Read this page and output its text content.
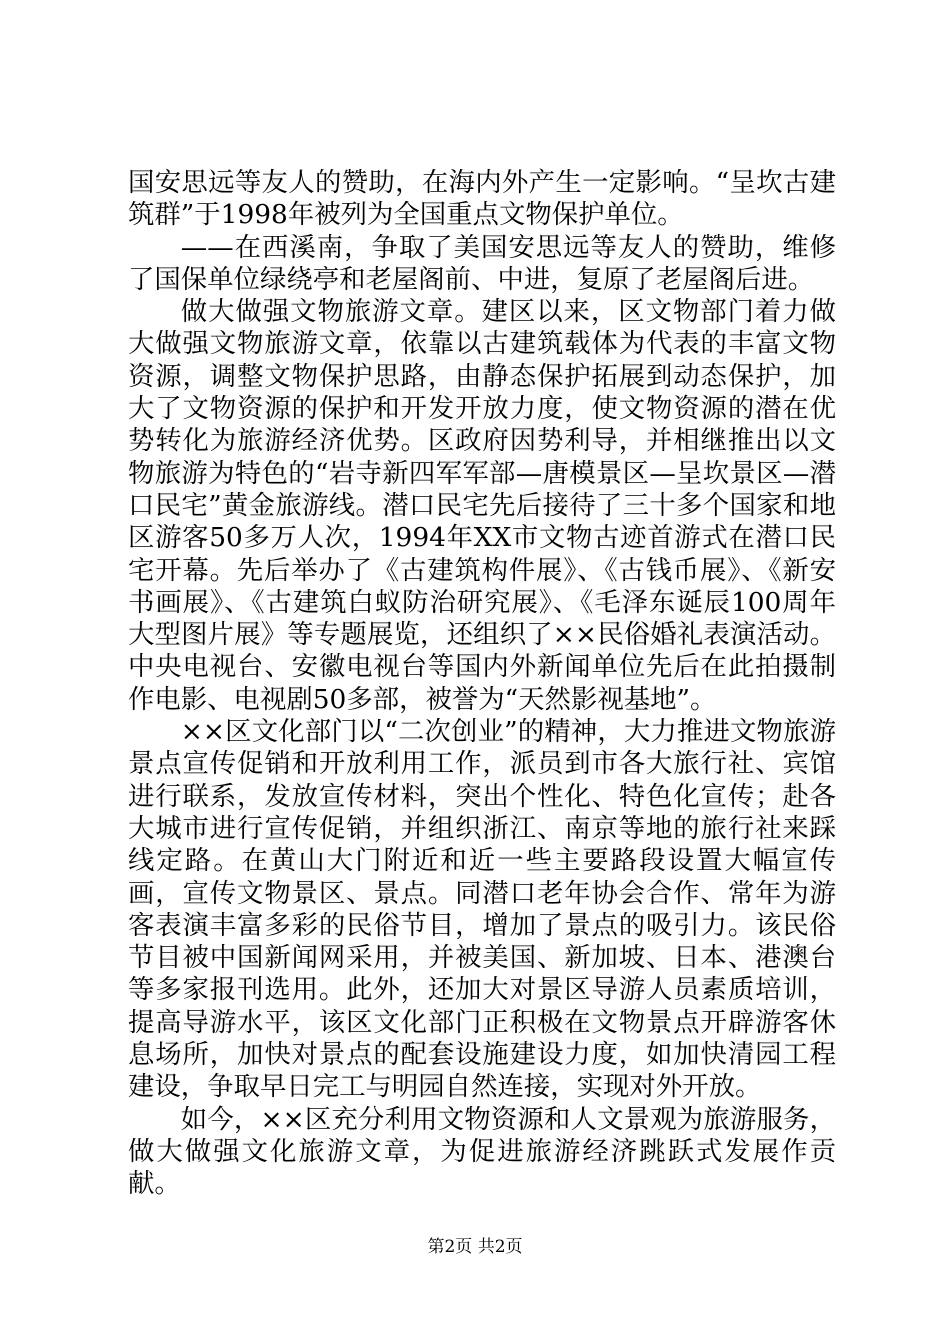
国安思远等友人的赞助，在海内外产生一定影响。“呈坎古建筑群”于1998年被列为全国重点文物保护单位。

——在西溪南，争取了美国安思远等友人的赞助，维修了国保单位绿绕亭和老屋阁前、中进，复原了老屋阁后进。

做大做强文物旅游文章。建区以来，区文物部门着力做大做强文物旅游文章，依靠以古建筑载体为代表的丰富文物资源，调整文物保护思路，由静态保护拓展到动态保护，加大了文物资源的保护和开发开放力度，使文物资源的潜在优势转化为旅游经济优势。区政府因势利导，并相继推出以文物旅游为特色的“岩寺新四军军部—唐模景区—呈坎景区—潜口民宅”黄金旅游线。潜口民宅先后接待了三十多个国家和地区游客50多万人次，1994年XX市文物古迹首游式在潜口民宅开幕。先后举办了《古建筑构件展》、《古钱币展》、《新安书画展》、《古建筑白蚁防治研究展》、《毛泽东诞辰100周年大型图片展》等专题展览，还组织了××民俗婚礼表演活动。中央电视台、安徽电视台等国内外新闻单位先后在此拍摄制作电影、电视剧50多部，被誉为“天然影视基地”。

××区文化部门以“二次创业”的精神，大力推进文物旅游景点宣传促销和开放利用工作，派员到市各大旅行社、宾馆进行联系，发放宣传材料，突出个性化、特色化宣传；赴各大城市进行宣传促销，并组织浙江、南京等地的旅行社来踩线定路。在黄山大门附近和近一些主要路段设置大幅宣传画，宣传文物景区、景点。同潜口老年协会合作、常年为游客表演丰富多彩的民俗节目，增加了景点的吸引力。该民俗节目被中国新闻网采用，并被美国、新加坡、日本、港澳台等多家报刊选用。此外，还加大对景区导游人员素质培训，提高导游水平，该区文化部门正积极在文物景点开辟游客休息场所，加快对景点的配套设施建设力度，如加快清园工程建设，争取早日完工与明园自然连接，实现对外开放。

如今，××区充分利用文物资源和人文景观为旅游服务，做大做强文化旅游文章，为促进旅游经济跳跃式发展作贡献。

第2页 共2页
